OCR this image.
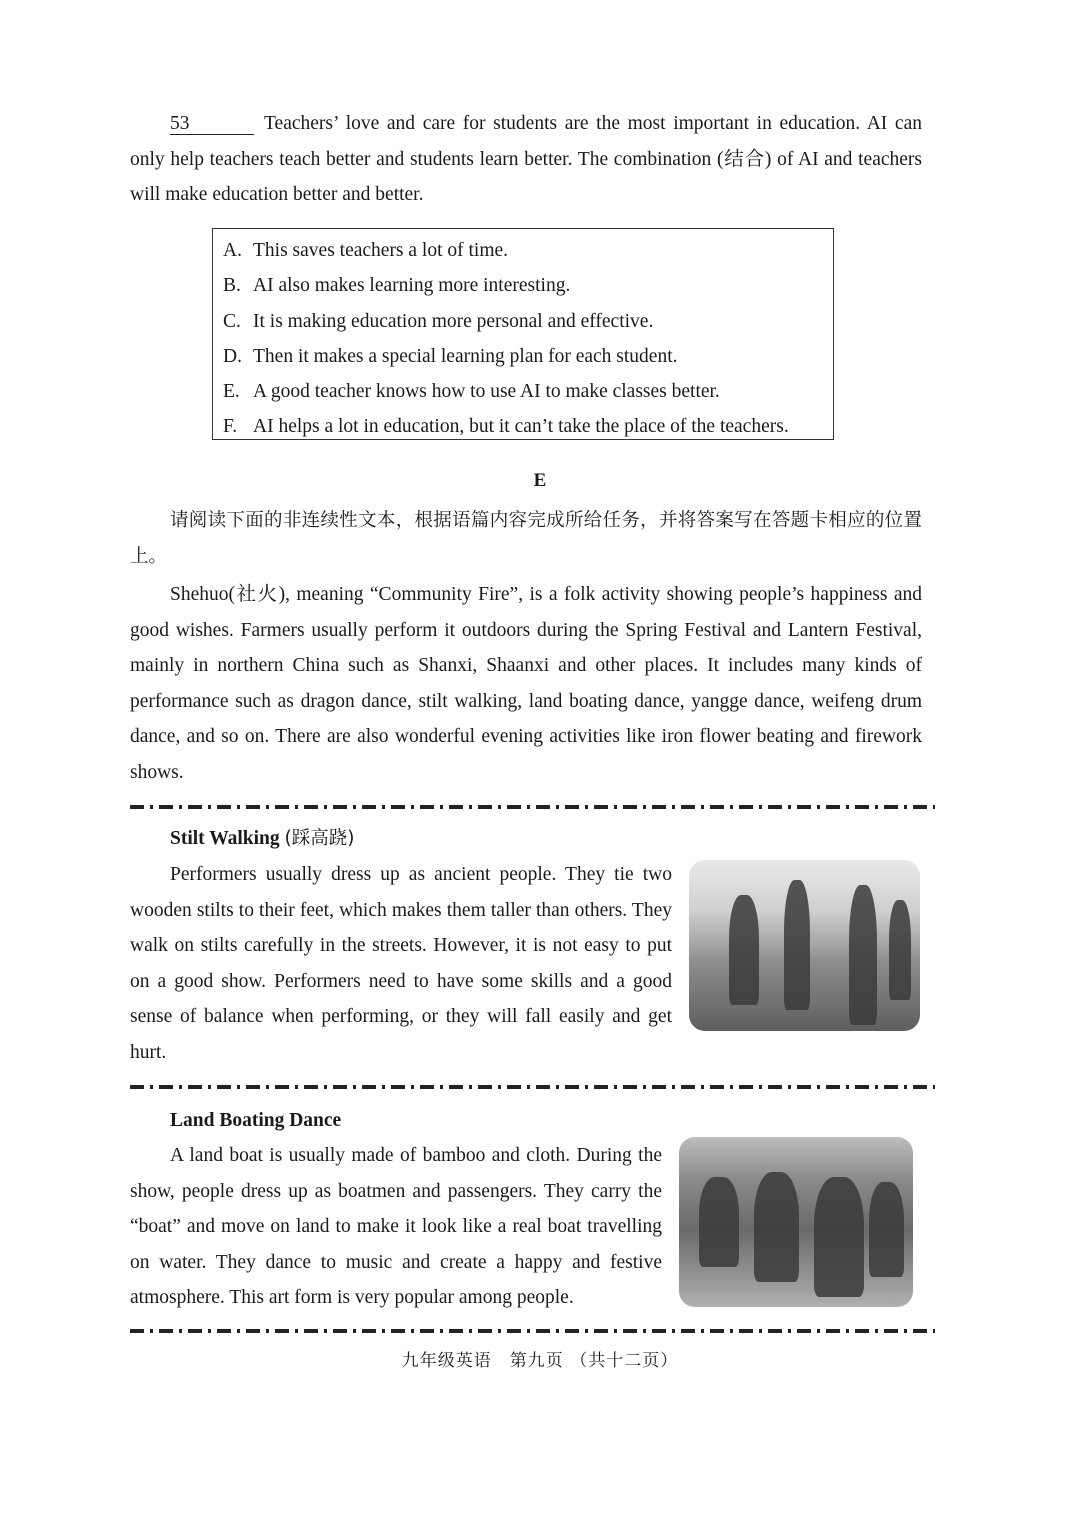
53	Teachers’ love and care for students are the most important in education. AI can only help teachers teach better and students learn better. The combination (结合) of AI and teachers will make education better and better.
A. This saves teachers a lot of time.
B. AI also makes learning more interesting.
C. It is making education more personal and effective.
D. Then it makes a special learning plan for each student.
E. A good teacher knows how to use AI to make classes better.
F. AI helps a lot in education, but it can’t take the place of the teachers.
E
请阅读下面的非连续性文本，根据语篇内容完成所给任务，并将答案写在答题卡相应的位置上。
Shehuo(社火), meaning “Community Fire”, is a folk activity showing people’s happiness and good wishes. Farmers usually perform it outdoors during the Spring Festival and Lantern Festival, mainly in northern China such as Shanxi, Shaanxi and other places. It includes many kinds of performance such as dragon dance, stilt walking, land boating dance, yangge dance, weifeng drum dance, and so on. There are also wonderful evening activities like iron flower beating and firework shows.
Stilt Walking (踩高跷)
Performers usually dress up as ancient people. They tie two wooden stilts to their feet, which makes them taller than others. They walk on stilts carefully in the streets. However, it is not easy to put on a good show. Performers need to have some skills and a good sense of balance when performing, or they will fall easily and get hurt.
Land Boating Dance
A land boat is usually made of bamboo and cloth. During the show, people dress up as boatmen and passengers. They carry the “boat” and move on land to make it look like a real boat travelling on water. They dance to music and create a happy and festive atmosphere. This art form is very popular among people.
九年级英语　第九页 （共十二页）
